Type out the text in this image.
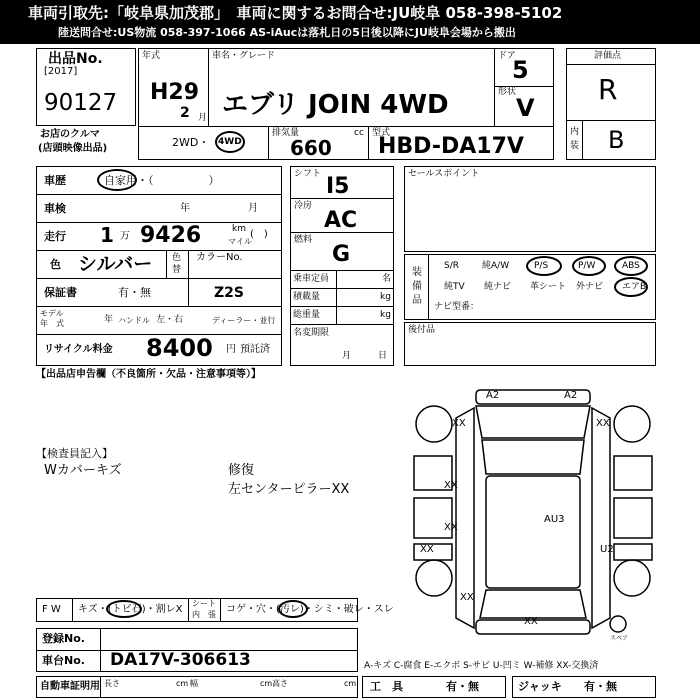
車両引取先:「岐阜県加茂郡」　車両に関するお問合せ:JU岐阜 058-398-5102
陸送問合せ:US物流 058-397-1066 AS-iAucは落札日の5日後以降にJU岐阜会場から搬出
出品No.
[2017]
90127
お店のクルマ
(店頭映像出品)
年式
H29
2 月
車名・グレード
エブリ JOIN 4WD
ドア
5
形状
V
2WD・ 4WD
排気量
660
cc 型式
HBD-DA17V
評価点
R
内
装 B
車歴	自家用・（　　　　　）
車検	年	月
走行 1 万 9426	km
マイル
(　)
色 シルバー 色
替
カラーNo.
Z2S
保証書	有・無
モデル
年　式	年 ハンドル 左・右	ディーラー・並行
リサイクル料金 8400 円 預託済
シフト I5
冷房
AC
燃料
G
乗車定員	名
積載量	kg
総重量	kg
名変期限
月	日
セールスポイント
装
備
品
S/R	純A/W	P/S	P/W	ABS
純TV 純ナビ 革シート 外ナビ エアB
ナビ型番：
後付品
【出品店申告欄（不良箇所・欠品・注意事項等）】
【検査員記入】
Wカバーキズ	修復
左センターピラーXX
A2	A2
XX	XX
XX
XX
AU3
XX	U2
XX
XX
スペア
F W キズ・(トビ石)・割レX
シート
内　張 コゲ・穴・(汚レ)・シミ・破レ・スレ
登録No.
車台No. DA17V-306613
自動車証明用 長さ	cm 幅	cm 高さ	cm
A-キズ C-腐食 E-エクボ S-サビ U-凹ミ W-補修 XX-交換済
工　具	有・無	ジャッキ 有・無
